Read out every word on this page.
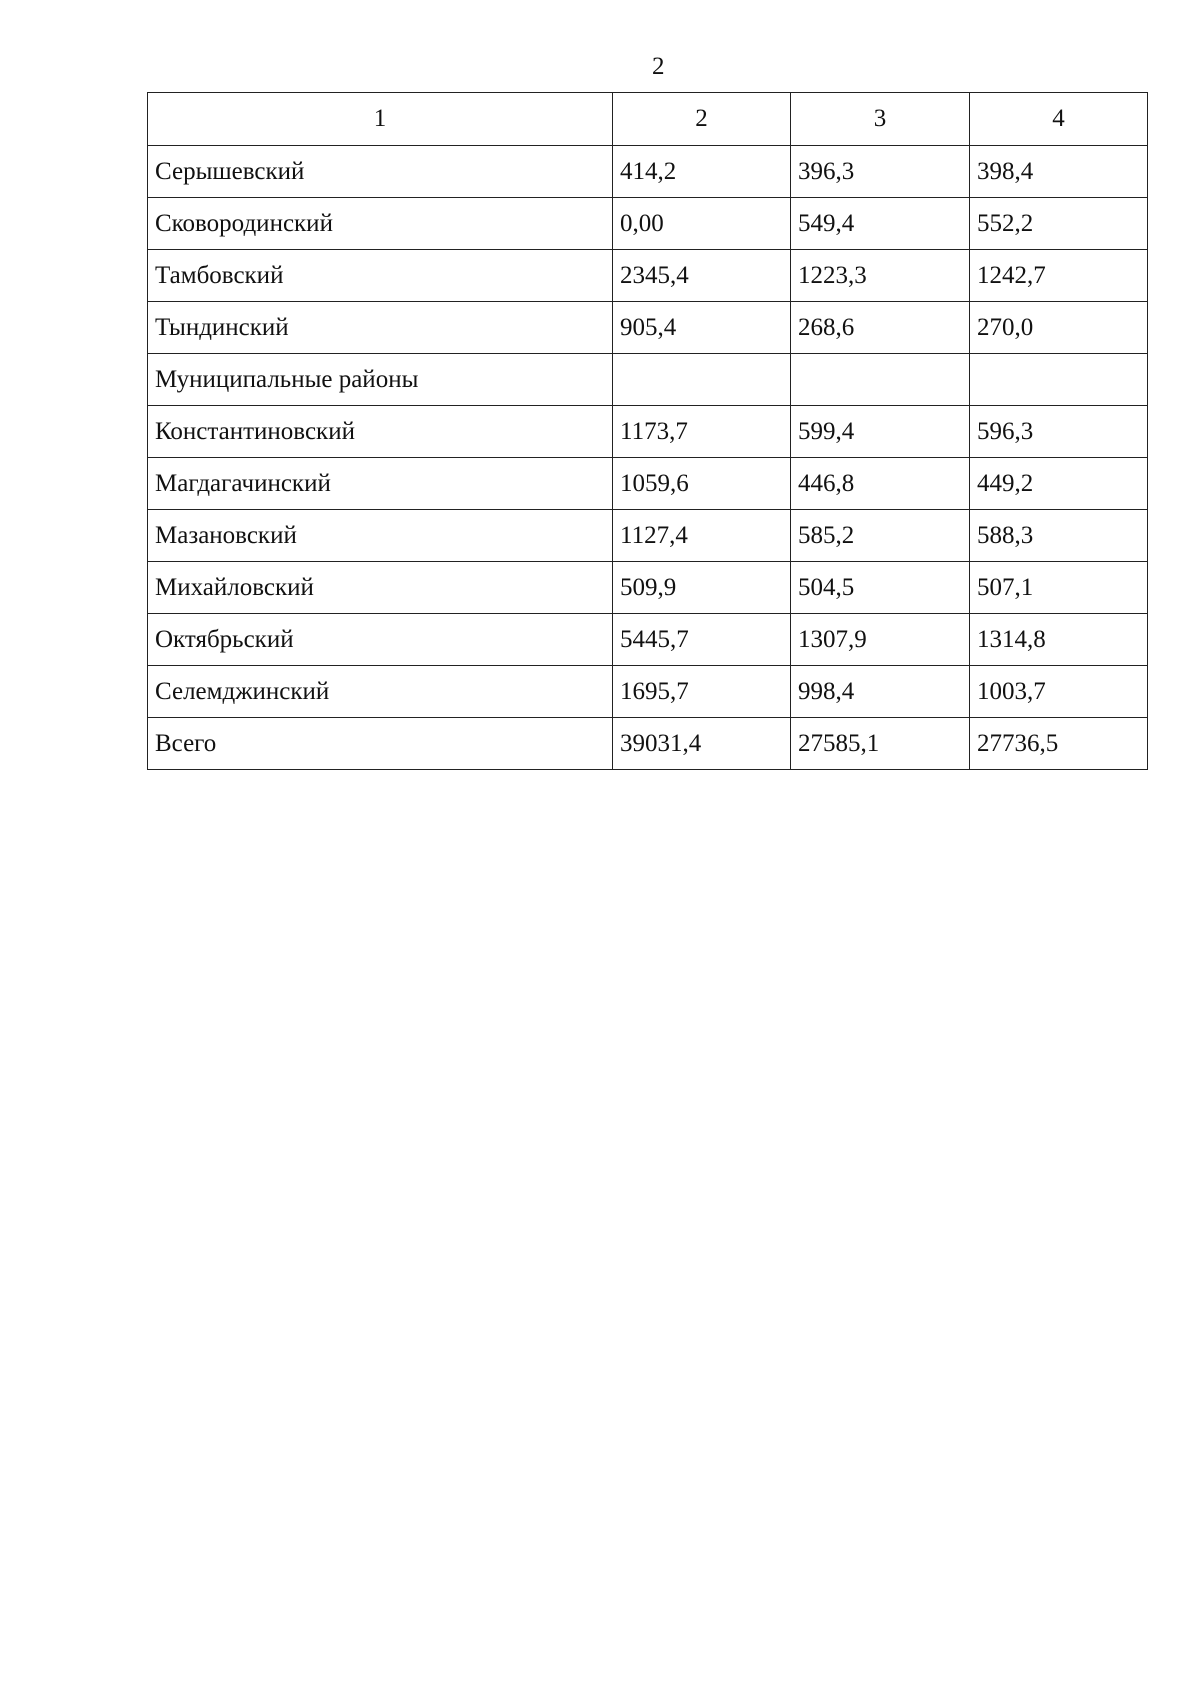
2
1	2	3	4
Серышевский	414,2	396,3	398,4
Сковородинский	0,00	549,4	552,2
Тамбовский	2345,4	1223,3	1242,7
Тындинский	905,4	268,6	270,0
Муниципальные районы			
Константиновский	1173,7	599,4	596,3
Магдагачинский	1059,6	446,8	449,2
Мазановский	1127,4	585,2	588,3
Михайловский	509,9	504,5	507,1
Октябрьский	5445,7	1307,9	1314,8
Селемджинский	1695,7	998,4	1003,7
Всего	39031,4	27585,1	27736,5
